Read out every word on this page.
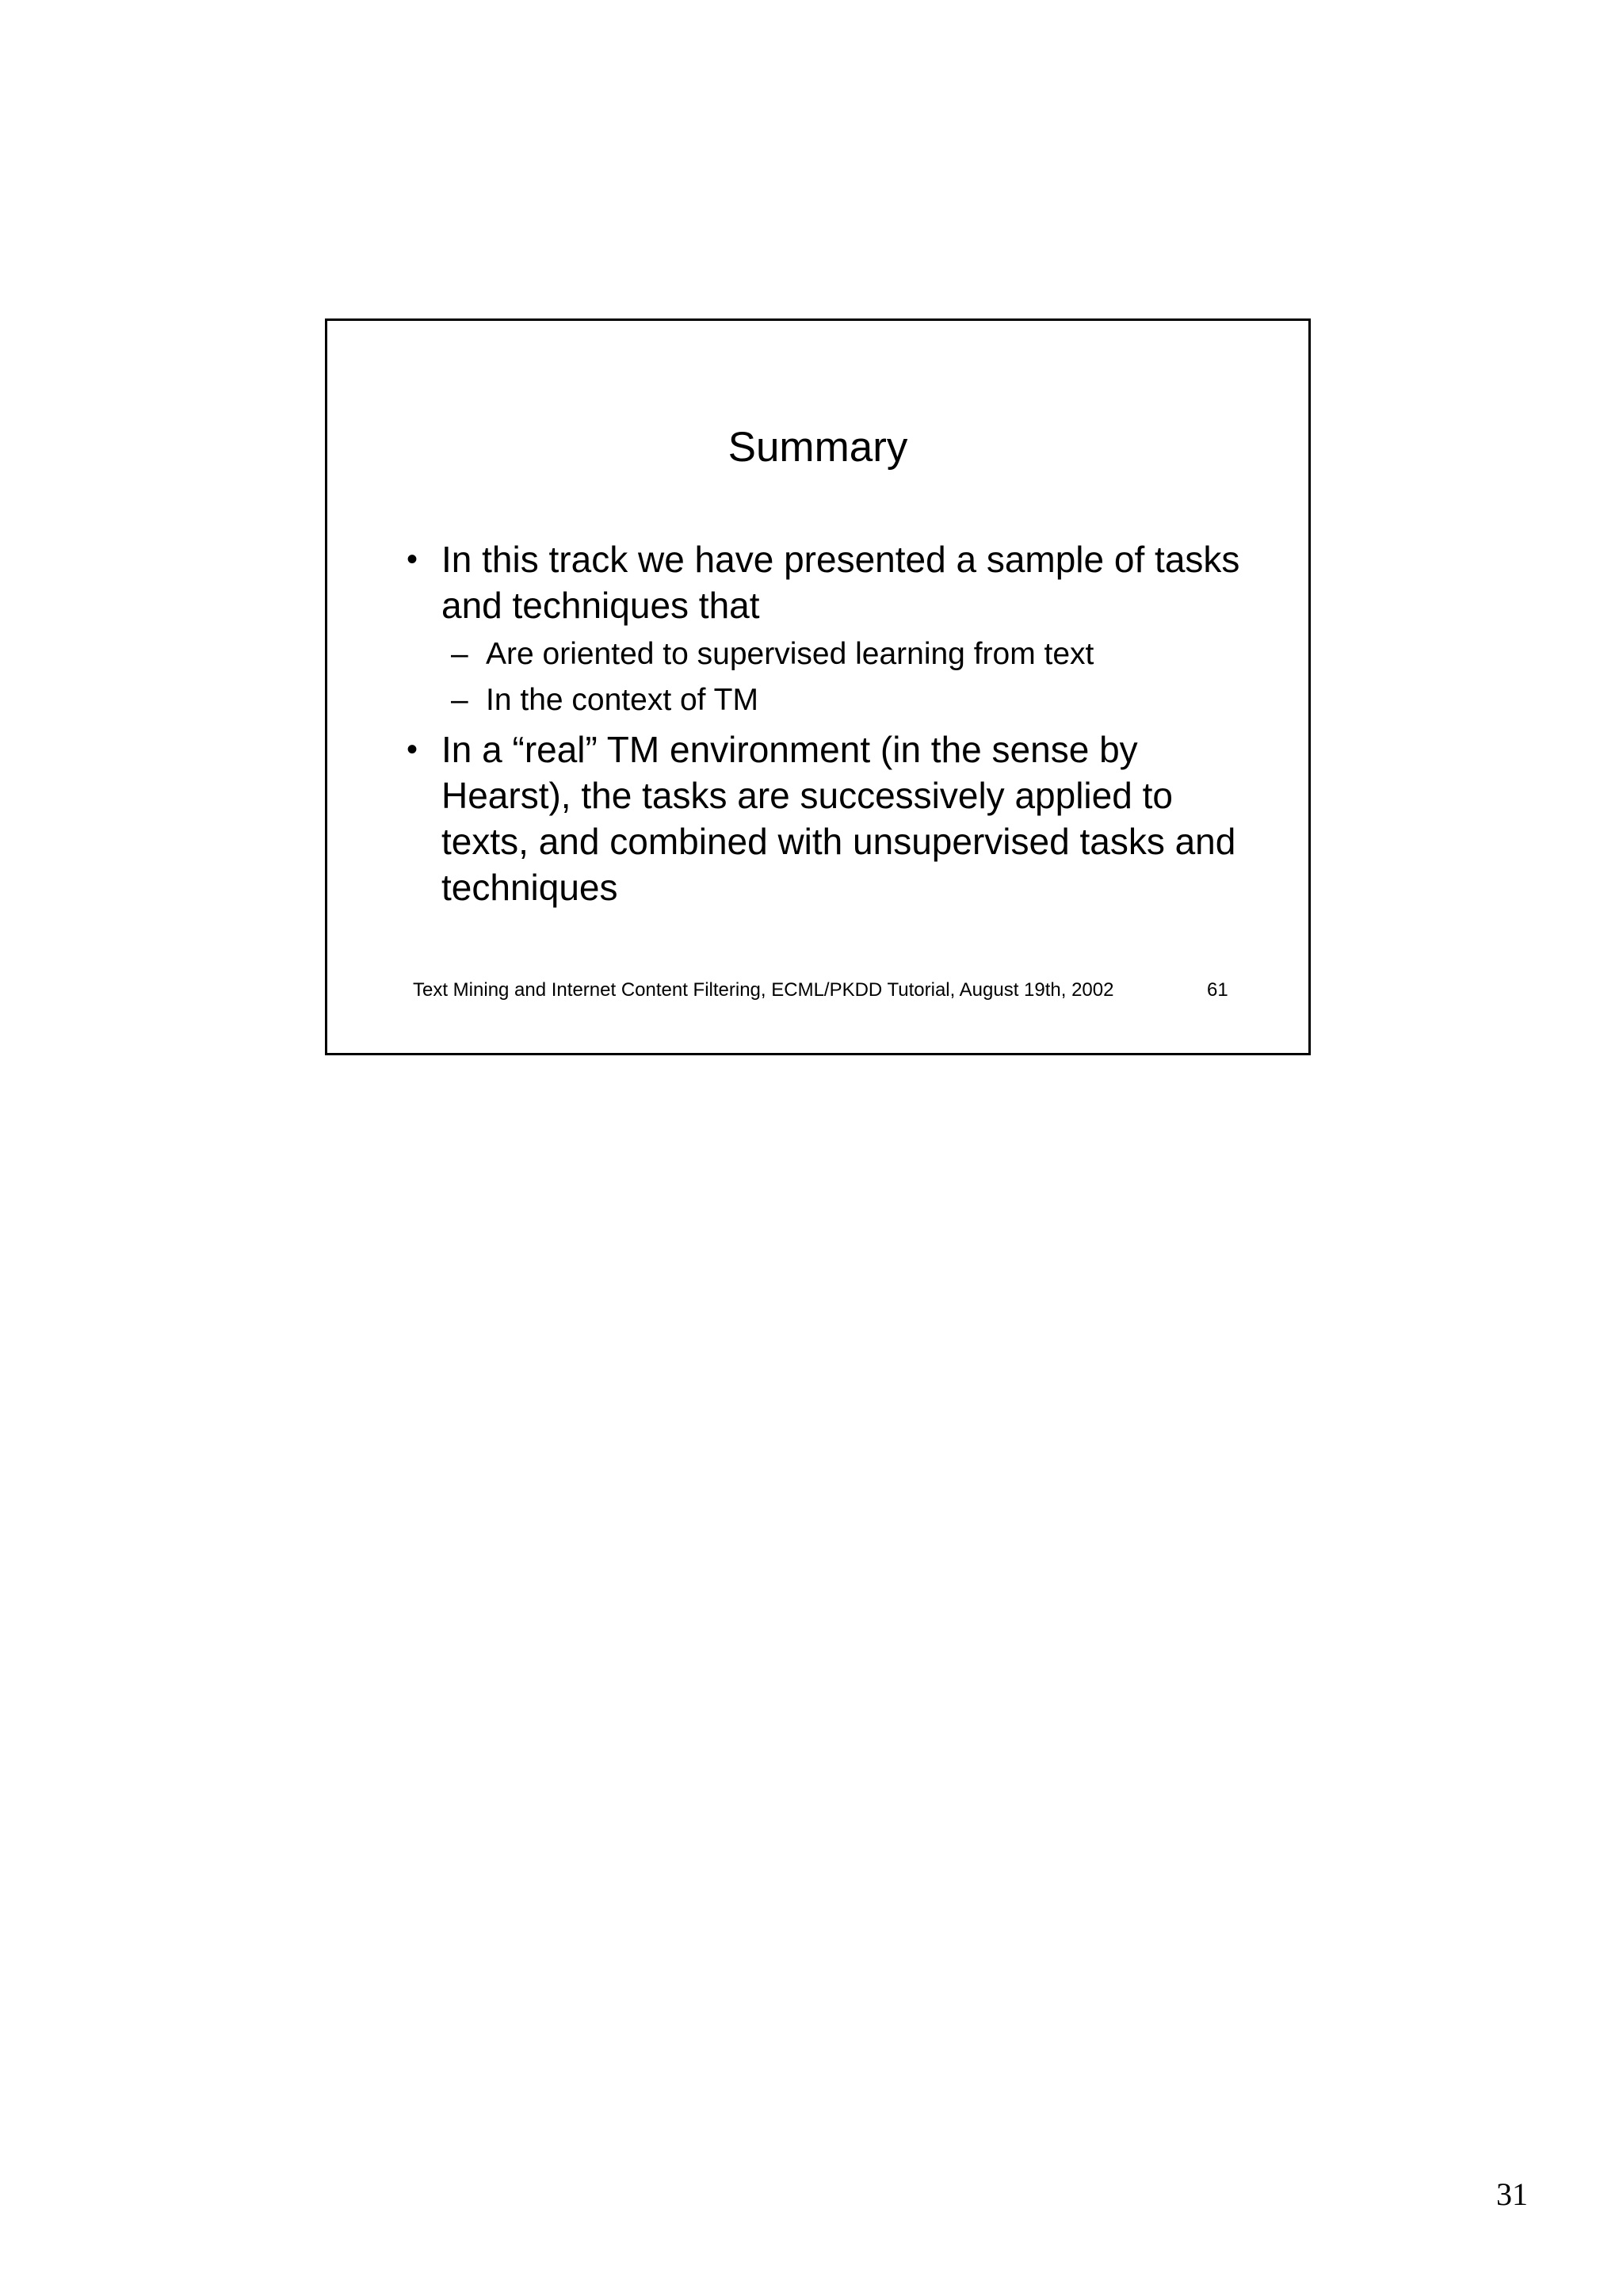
Summary
• In this track we have presented a sample of tasks and techniques that
– Are oriented to supervised learning from text
– In the context of TM
• In a “real” TM environment (in the sense by Hearst), the tasks are successively applied to texts, and combined with unsupervised tasks and techniques
Text Mining and Internet Content Filtering, ECML/PKDD Tutorial, August 19th, 2002	61
31
